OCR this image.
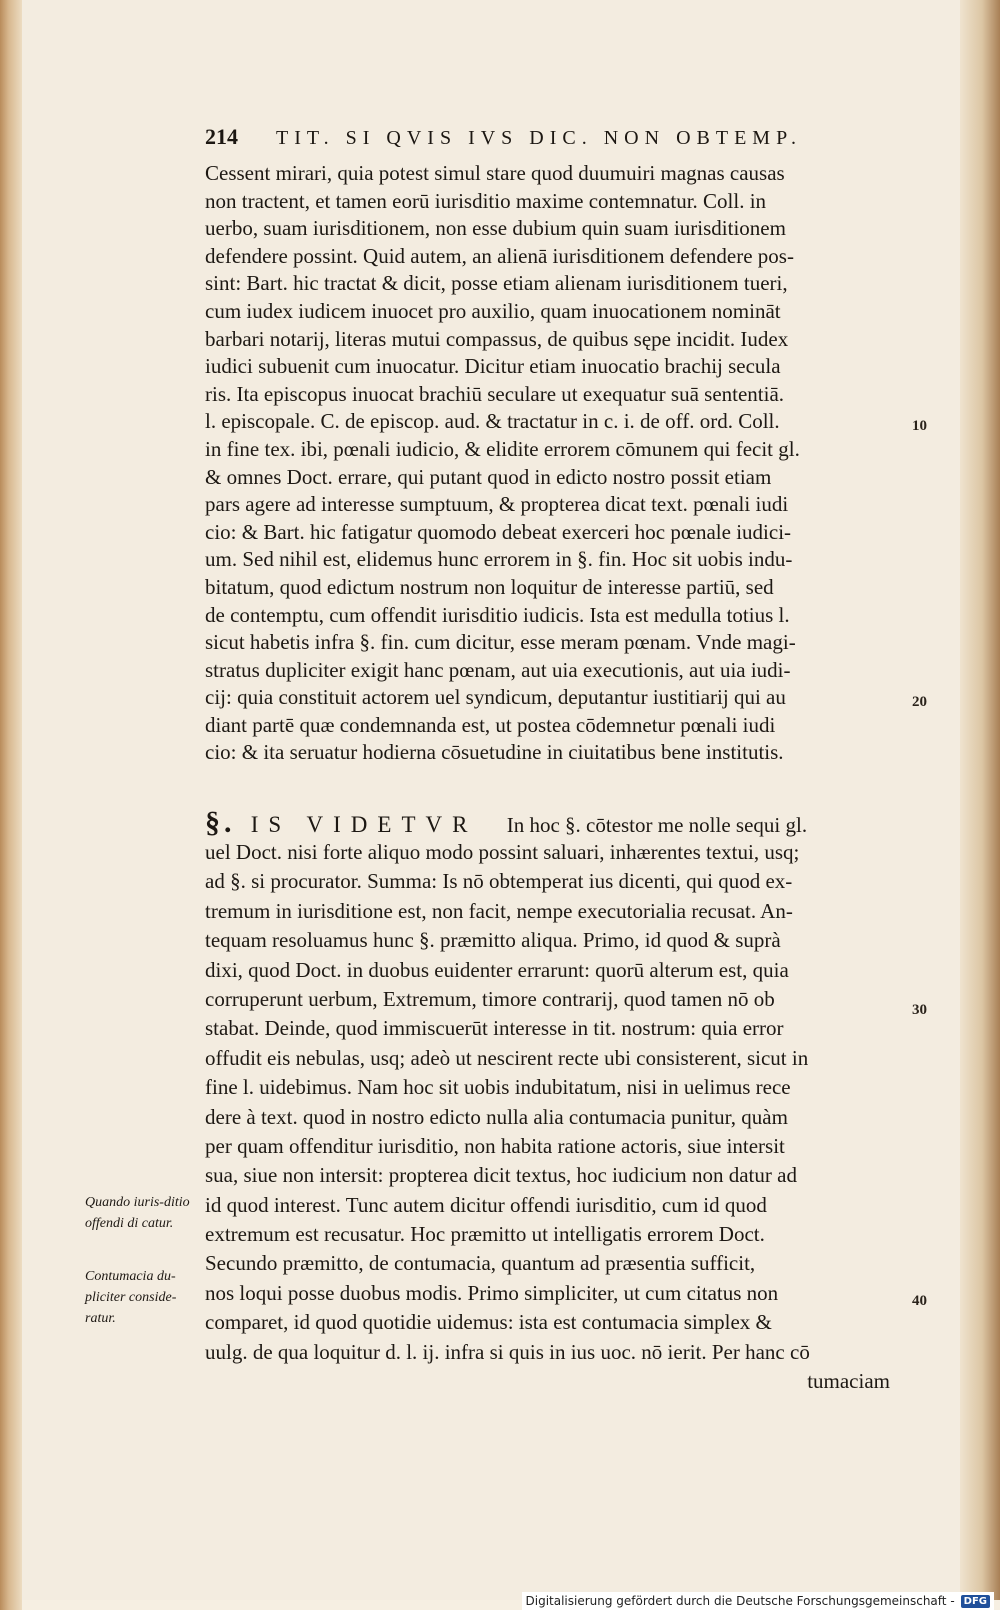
214 TIT. SI QVIS IVS DIC. NON OBTEMP.
Cessent mirari, quia potest simul stare quod duumuiri magnas causas
non tractent, et tamen eorū iurisditio maxime contemnatur. Coll. in
uerbo, suam iurisditionem, non esse dubium quin suam iurisditionem
defendere possint. Quid autem, an alienā iurisditionem defendere pos-
sint: Bart. hic tractat & dicit, posse etiam alienam iurisditionem tueri,
cum iudex iudicem inuocet pro auxilio, quam inuocationem nomināt
barbari notarij, literas mutui compassus, de quibus sępe incidit. Iudex
iudici subuenit cum inuocatur. Dicitur etiam inuocatio brachij secula
ris. Ita episcopus inuocat brachiū seculare ut exequatur suā sententiā.
l. episcopale. C. de episcop. aud. & tractatur in c. i. de off. ord. Coll.
in fine tex. ibi, pœnali iudicio, & elidite errorem cōmunem qui fecit gl.
& omnes Doct. errare, qui putant quod in edicto nostro possit etiam
pars agere ad interesse sumptuum, & propterea dicat text. pœnali iudi
cio: & Bart. hic fatigatur quomodo debeat exerceri hoc pœnale iudici-
um. Sed nihil est, elidemus hunc errorem in §. fin. Hoc sit uobis indu-
bitatum, quod edictum nostrum non loquitur de interesse partiū, sed
de contemptu, cum offendit iurisditio iudicis. Ista est medulla totius l.
sicut habetis infra §. fin. cum dicitur, esse meram pœnam. Vnde magi-
stratus dupliciter exigit hanc pœnam, aut uia executionis, aut uia iudi-
cij: quia constituit actorem uel syndicum, deputantur iustitiarij qui au
diant partē quæ condemnanda est, ut postea cōdemnetur pœnali iudi
cio: & ita seruatur hodierna cōsuetudine in ciuitatibus bene institutis.
§. IS VIDETVR In hoc §. cōtestor me nolle sequi gl.
uel Doct. nisi forte aliquo modo possint saluari, inhærentes textui, usq;
ad §. si procurator. Summa: Is nō obtemperat ius dicenti, qui quod ex-
tremum in iurisditione est, non facit, nempe executorialia recusat. An-
tequam resoluamus hunc §. præmitto aliqua. Primo, id quod & suprà
dixi, quod Doct. in duobus euidenter errarunt: quorū alterum est, quia
corruperunt uerbum, Extremum, timore contrarij, quod tamen nō ob
stabat. Deinde, quod immiscuerūt interesse in tit. nostrum: quia error
offudit eis nebulas, usq; adeò ut nescirent recte ubi consisterent, sicut in
fine l. uidebimus. Nam hoc sit uobis indubitatum, nisi in uelimus rece
dere à text. quod in nostro edicto nulla alia contumacia punitur, quàm
per quam offenditur iurisditio, non habita ratione actoris, siue intersit
sua, siue non intersit: propterea dicit textus, hoc iudicium non datur ad
id quod interest. Tunc autem dicitur offendi iurisditio, cum id quod
extremum est recusatur. Hoc præmitto ut intelligatis errorem Doct.
Secundo præmitto, de contumacia, quantum ad præsentia sufficit,
nos loqui posse duobus modis. Primo simpliciter, ut cum citatus non
comparet, id quod quotidie uidemus: ista est contumacia simplex &
uulg. de qua loquitur d. l. ij. infra si quis in ius uoc. nō ierit. Per hanc cō
tumaciam
10
20
30
40
Quando iuris-ditio offendi di catur.
Contumacia du-pliciter conside-ratur.
Digitalisierung gefördert durch die Deutsche Forschungsgemeinschaft - DFG
